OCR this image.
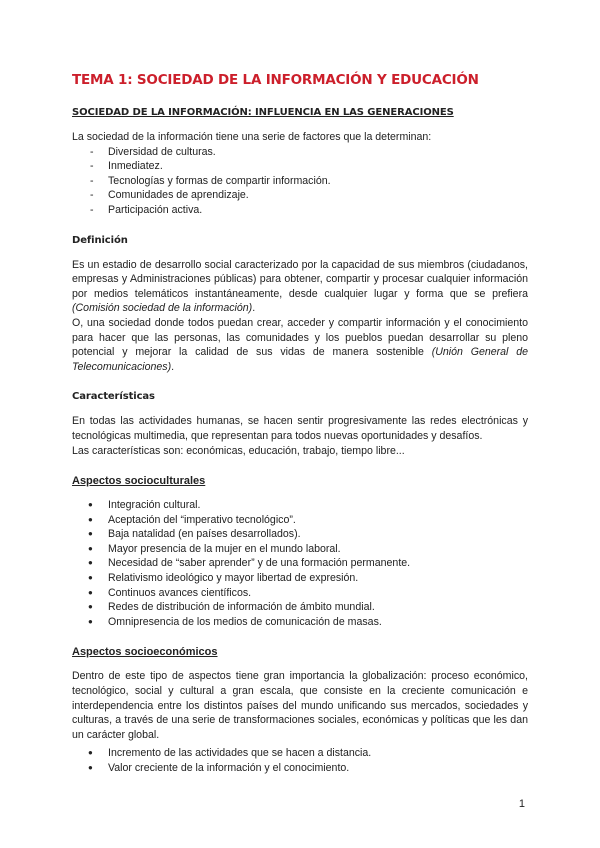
TEMA 1: SOCIEDAD DE LA INFORMACIÓN Y EDUCACIÓN
SOCIEDAD DE LA INFORMACIÓN: INFLUENCIA EN LAS GENERACIONES

La sociedad de la información tiene una serie de factores que la determinan:

- Diversidad de culturas.
- Inmediatez.
- Tecnologías y formas de compartir información.
- Comunidades de aprendizaje.
- Participación activa.
Definición

Es un estadio de desarrollo social caracterizado por la capacidad de sus miembros (ciudadanos, empresas y Administraciones públicas) para obtener, compartir y procesar cualquier información por medios telemáticos instantáneamente, desde cualquier lugar y forma que se prefiera (Comisión sociedad de la información).

O, una sociedad donde todos puedan crear, acceder y compartir información y el conocimiento para hacer que las personas, las comunidades y los pueblos puedan desarrollar su pleno potencial y mejorar la calidad de sus vidas de manera sostenible (Unión General de Telecomunicaciones).

Características

En todas las actividades humanas, se hacen sentir progresivamente las redes electrónicas y tecnológicas multimedia, que representan para todos nuevas oportunidades y desafíos.

Las características son: económicas, educación, trabajo, tiempo libre...

Aspectos socioculturales
● Integración cultural.
● Aceptación del “imperativo tecnológico”.
● Baja natalidad (en países desarrollados).
● Mayor presencia de la mujer en el mundo laboral.
● Necesidad de “saber aprender” y de una formación permanente.
● Relativismo ideológico y mayor libertad de expresión.
● Continuos avances científicos.
● Redes de distribución de información de ámbito mundial.
● Omnipresencia de los medios de comunicación de masas.
Aspectos socioeconómicos

Dentro de este tipo de aspectos tiene gran importancia la globalización: proceso económico, tecnológico, social y cultural a gran escala, que consiste en la creciente comunicación e interdependencia entre los distintos países del mundo unificando sus mercados, sociedades y culturas, a través de una serie de transformaciones sociales, económicas y políticas que les dan un carácter global.

● Incremento de las actividades que se hacen a distancia.
● Valor creciente de la información y el conocimiento.
1
